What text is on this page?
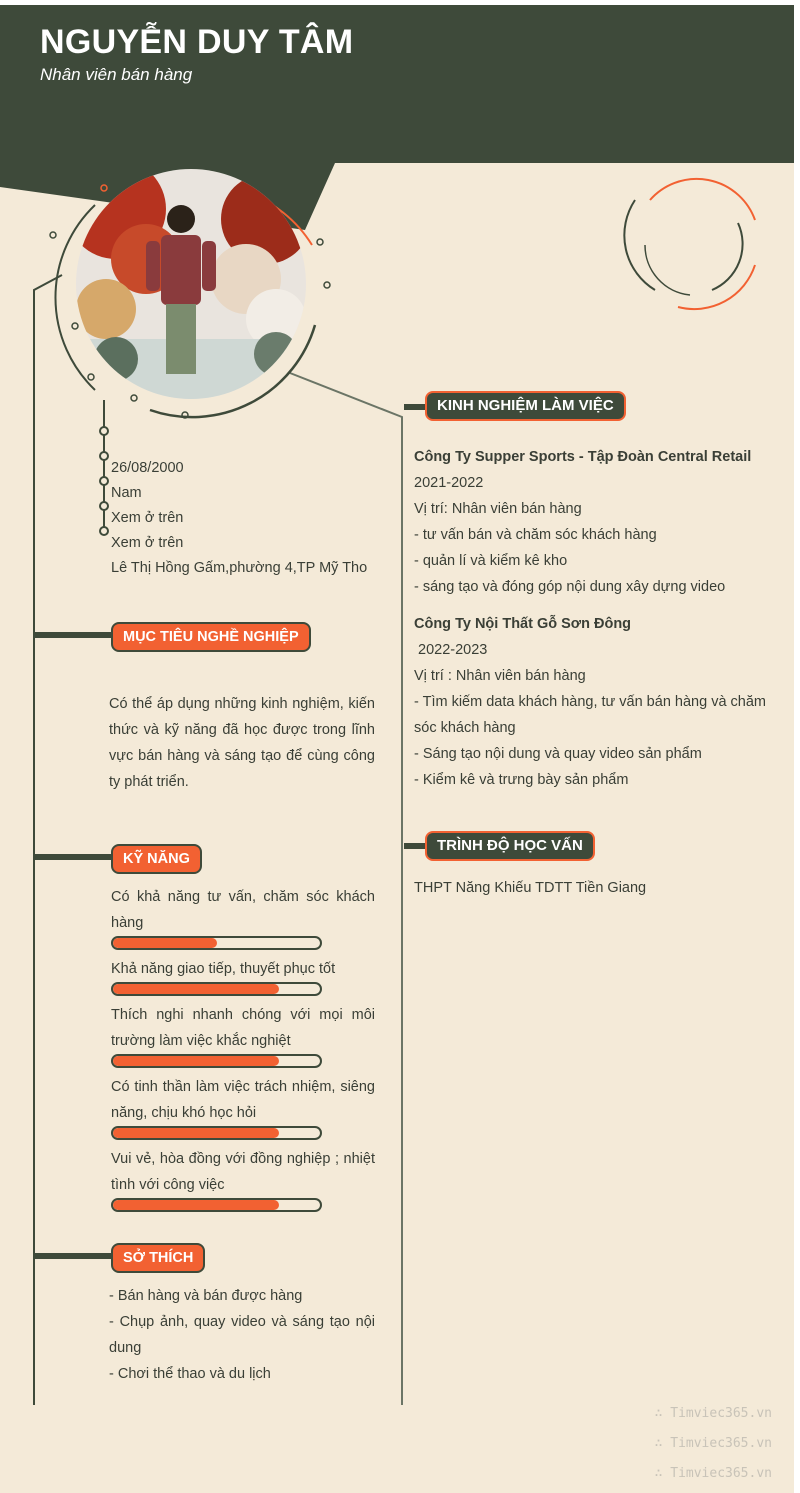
NGUYỄN DUY TÂM
Nhân viên bán hàng
26/08/2000
Nam
Xem ở trên
Xem ở trên
Lê Thị Hồng Gấm,phường 4,TP Mỹ Tho
MỤC TIÊU NGHỀ NGHIỆP
Có thể áp dụng những kinh nghiệm, kiến thức và kỹ năng đã học được trong lĩnh vực bán hàng và sáng tạo để cùng công ty phát triển.
KỸ NĂNG
Có khả năng tư vấn, chăm sóc khách hàng
Khả năng giao tiếp, thuyết phục tốt
Thích nghi nhanh chóng với mọi môi trường làm việc khắc nghiệt
Có tinh thần làm việc trách nhiệm, siêng năng, chịu khó học hỏi
Vui vẻ, hòa đồng với đồng nghiệp ; nhiệt tình với công việc
SỞ THÍCH
- Bán hàng và bán được hàng
- Chụp ảnh, quay video và sáng tạo nội dung
- Chơi thể thao và du lịch
KINH NGHIỆM LÀM VIỆC
Công Ty Supper Sports - Tập Đoàn Central Retail
2021-2022
Vị trí: Nhân viên bán hàng
- tư vấn bán và chăm sóc khách hàng
- quản lí và kiểm kê kho
- sáng tạo và đóng góp nội dung xây dựng video
Công Ty Nội Thất Gỗ Sơn Đông
2022-2023
Vị trí : Nhân viên bán hàng
- Tìm kiếm data khách hàng, tư vấn bán hàng và chăm sóc khách hàng
- Sáng tạo nội dung và quay video sản phẩm
- Kiểm kê và trưng bày sản phẩm
TRÌNH ĐỘ HỌC VẤN
THPT Năng Khiếu TDTT Tiền Giang
∴ Timviec365.vn
∴ Timviec365.vn
∴ Timviec365.vn
